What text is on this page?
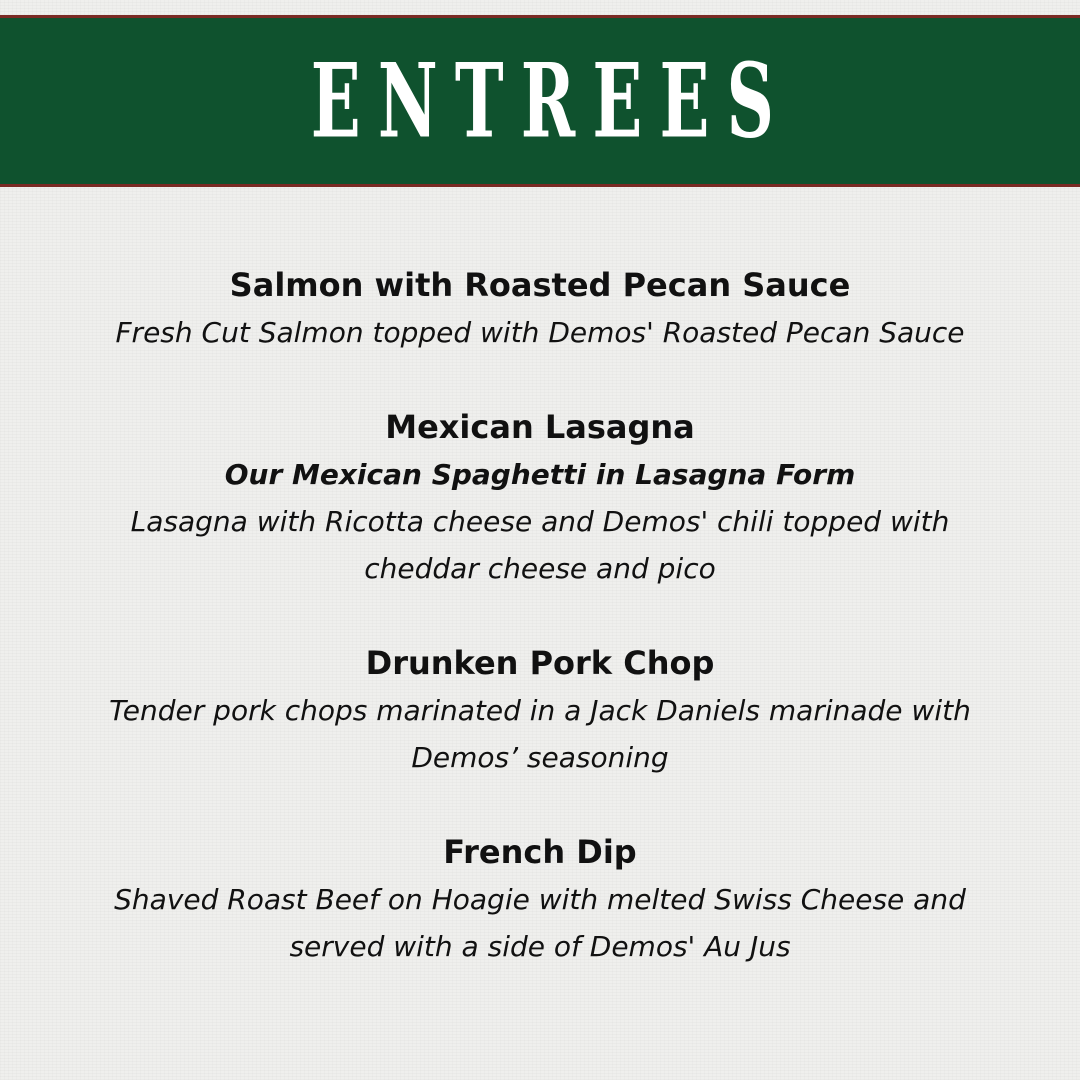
ENTREES

Salmon with Roasted Pecan Sauce

Fresh Cut Salmon topped with Demos' Roasted Pecan Sauce

Mexican Lasagna

Our Mexican Spaghetti in Lasagna Form

Lasagna with Ricotta cheese and Demos' chili topped with cheddar cheese and pico

Drunken Pork Chop

Tender pork chops marinated in a Jack Daniels marinade with Demos’ seasoning

French Dip

Shaved Roast Beef on Hoagie with melted Swiss Cheese and served with a side of Demos' Au Jus
